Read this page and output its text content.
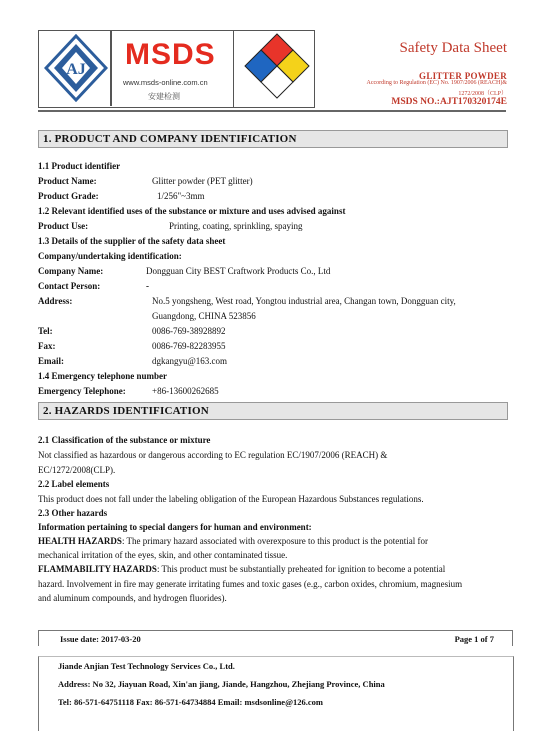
AJ MSDS
www.msds-online.com.cn
安建检测
Safety Data Sheet
GLITTER POWDER
According to Regulation (EC) No. 1907/2006 (REACH)&
1272/2008（CLP）
MSDS NO.:AJT170320174E
1. PRODUCT AND COMPANY IDENTIFICATION
1.1 Product identifier
Product Name:	Glitter powder (PET glitter)
Product Grade:	1/256"~3mm
1.2 Relevant identified uses of the substance or mixture and uses advised against
Product Use:	Printing, coating, sprinkling, spaying
1.3 Details of the supplier of the safety data sheet
Company/undertaking identification:
Company Name:	Dongguan City BEST Craftwork Products Co., Ltd
Contact Person:	-
Address:	No.5 yongsheng, West road, Yongtou industrial area, Changan town, Dongguan city,
Guangdong, CHINA 523856
Tel:	0086-769-38928892
Fax:	0086-769-82283955
Email:	dgkangyu@163.com
1.4 Emergency telephone number
Emergency Telephone:	+86-13600262685
2. HAZARDS IDENTIFICATION
2.1 Classification of the substance or mixture
Not classified as hazardous or dangerous according to EC regulation EC/1907/2006 (REACH) &
EC/1272/2008(CLP).
2.2 Label elements
This product does not fall under the labeling obligation of the European Hazardous Substances regulations.
2.3 Other hazards
Information pertaining to special dangers for human and environment:
HEALTH HAZARDS: The primary hazard associated with overexposure to this product is the potential for
mechanical irritation of the eyes, skin, and other contaminated tissue.
FLAMMABILITY HAZARDS: This product must be substantially preheated for ignition to become a potential
hazard. Involvement in fire may generate irritating fumes and toxic gases (e.g., carbon oxides, chromium, magnesium
and aluminum compounds, and hydrogen fluorides).
Issue date: 2017-03-20	Page 1 of 7
Jiande Anjian Test Technology Services Co., Ltd.
Address: No 32, Jiayuan Road, Xin'an jiang, Jiande, Hangzhou, Zhejiang Province, China
Tel: 86-571-64751118 Fax: 86-571-64734884 Email: msdsonline@126.com
